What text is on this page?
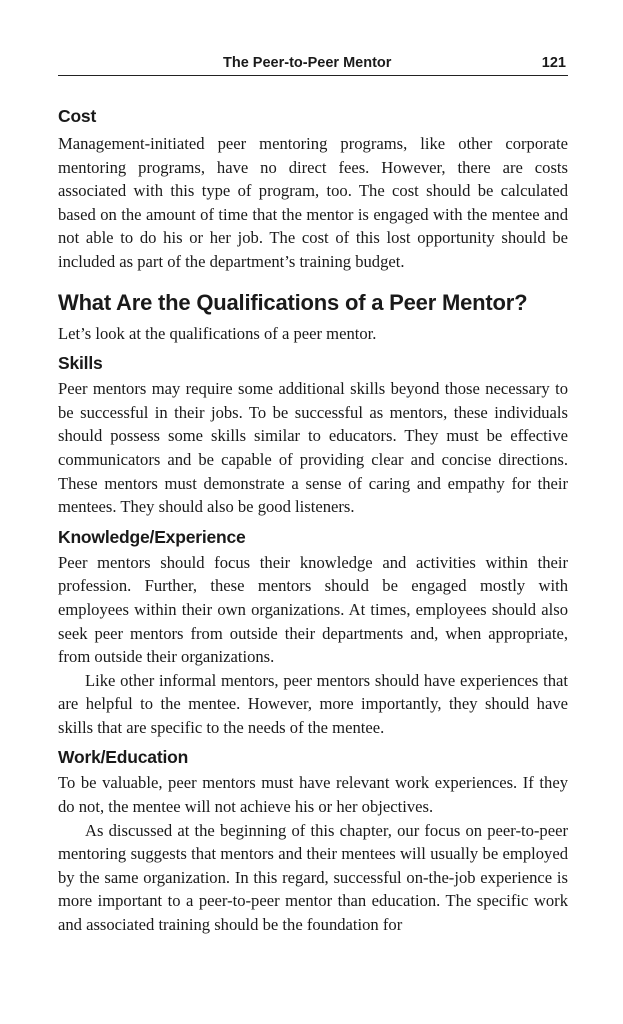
The Peer-to-Peer Mentor	121
Cost

Management-initiated peer mentoring programs, like other corporate mentoring programs, have no direct fees. However, there are costs associated with this type of program, too. The cost should be calculated based on the amount of time that the mentor is engaged with the mentee and not able to do his or her job. The cost of this lost opportunity should be included as part of the department’s training budget.

What Are the Qualifications of a Peer Mentor?

Let’s look at the qualifications of a peer mentor.

Skills

Peer mentors may require some additional skills beyond those necessary to be successful in their jobs. To be successful as mentors, these individuals should possess some skills similar to educators. They must be effective communicators and be capable of providing clear and concise directions. These mentors must demonstrate a sense of caring and empathy for their mentees. They should also be good listeners.

Knowledge/Experience

Peer mentors should focus their knowledge and activities within their profession. Further, these mentors should be engaged mostly with employees within their own organizations. At times, employees should also seek peer mentors from outside their departments and, when appropriate, from outside their organizations.

Like other informal mentors, peer mentors should have experiences that are helpful to the mentee. However, more importantly, they should have skills that are specific to the needs of the mentee.

Work/Education

To be valuable, peer mentors must have relevant work experiences. If they do not, the mentee will not achieve his or her objectives.

As discussed at the beginning of this chapter, our focus on peer-to-peer mentoring suggests that mentors and their mentees will usually be employed by the same organization. In this regard, successful on-the-job experience is more important to a peer-to-peer mentor than education. The specific work and associated training should be the foundation for
